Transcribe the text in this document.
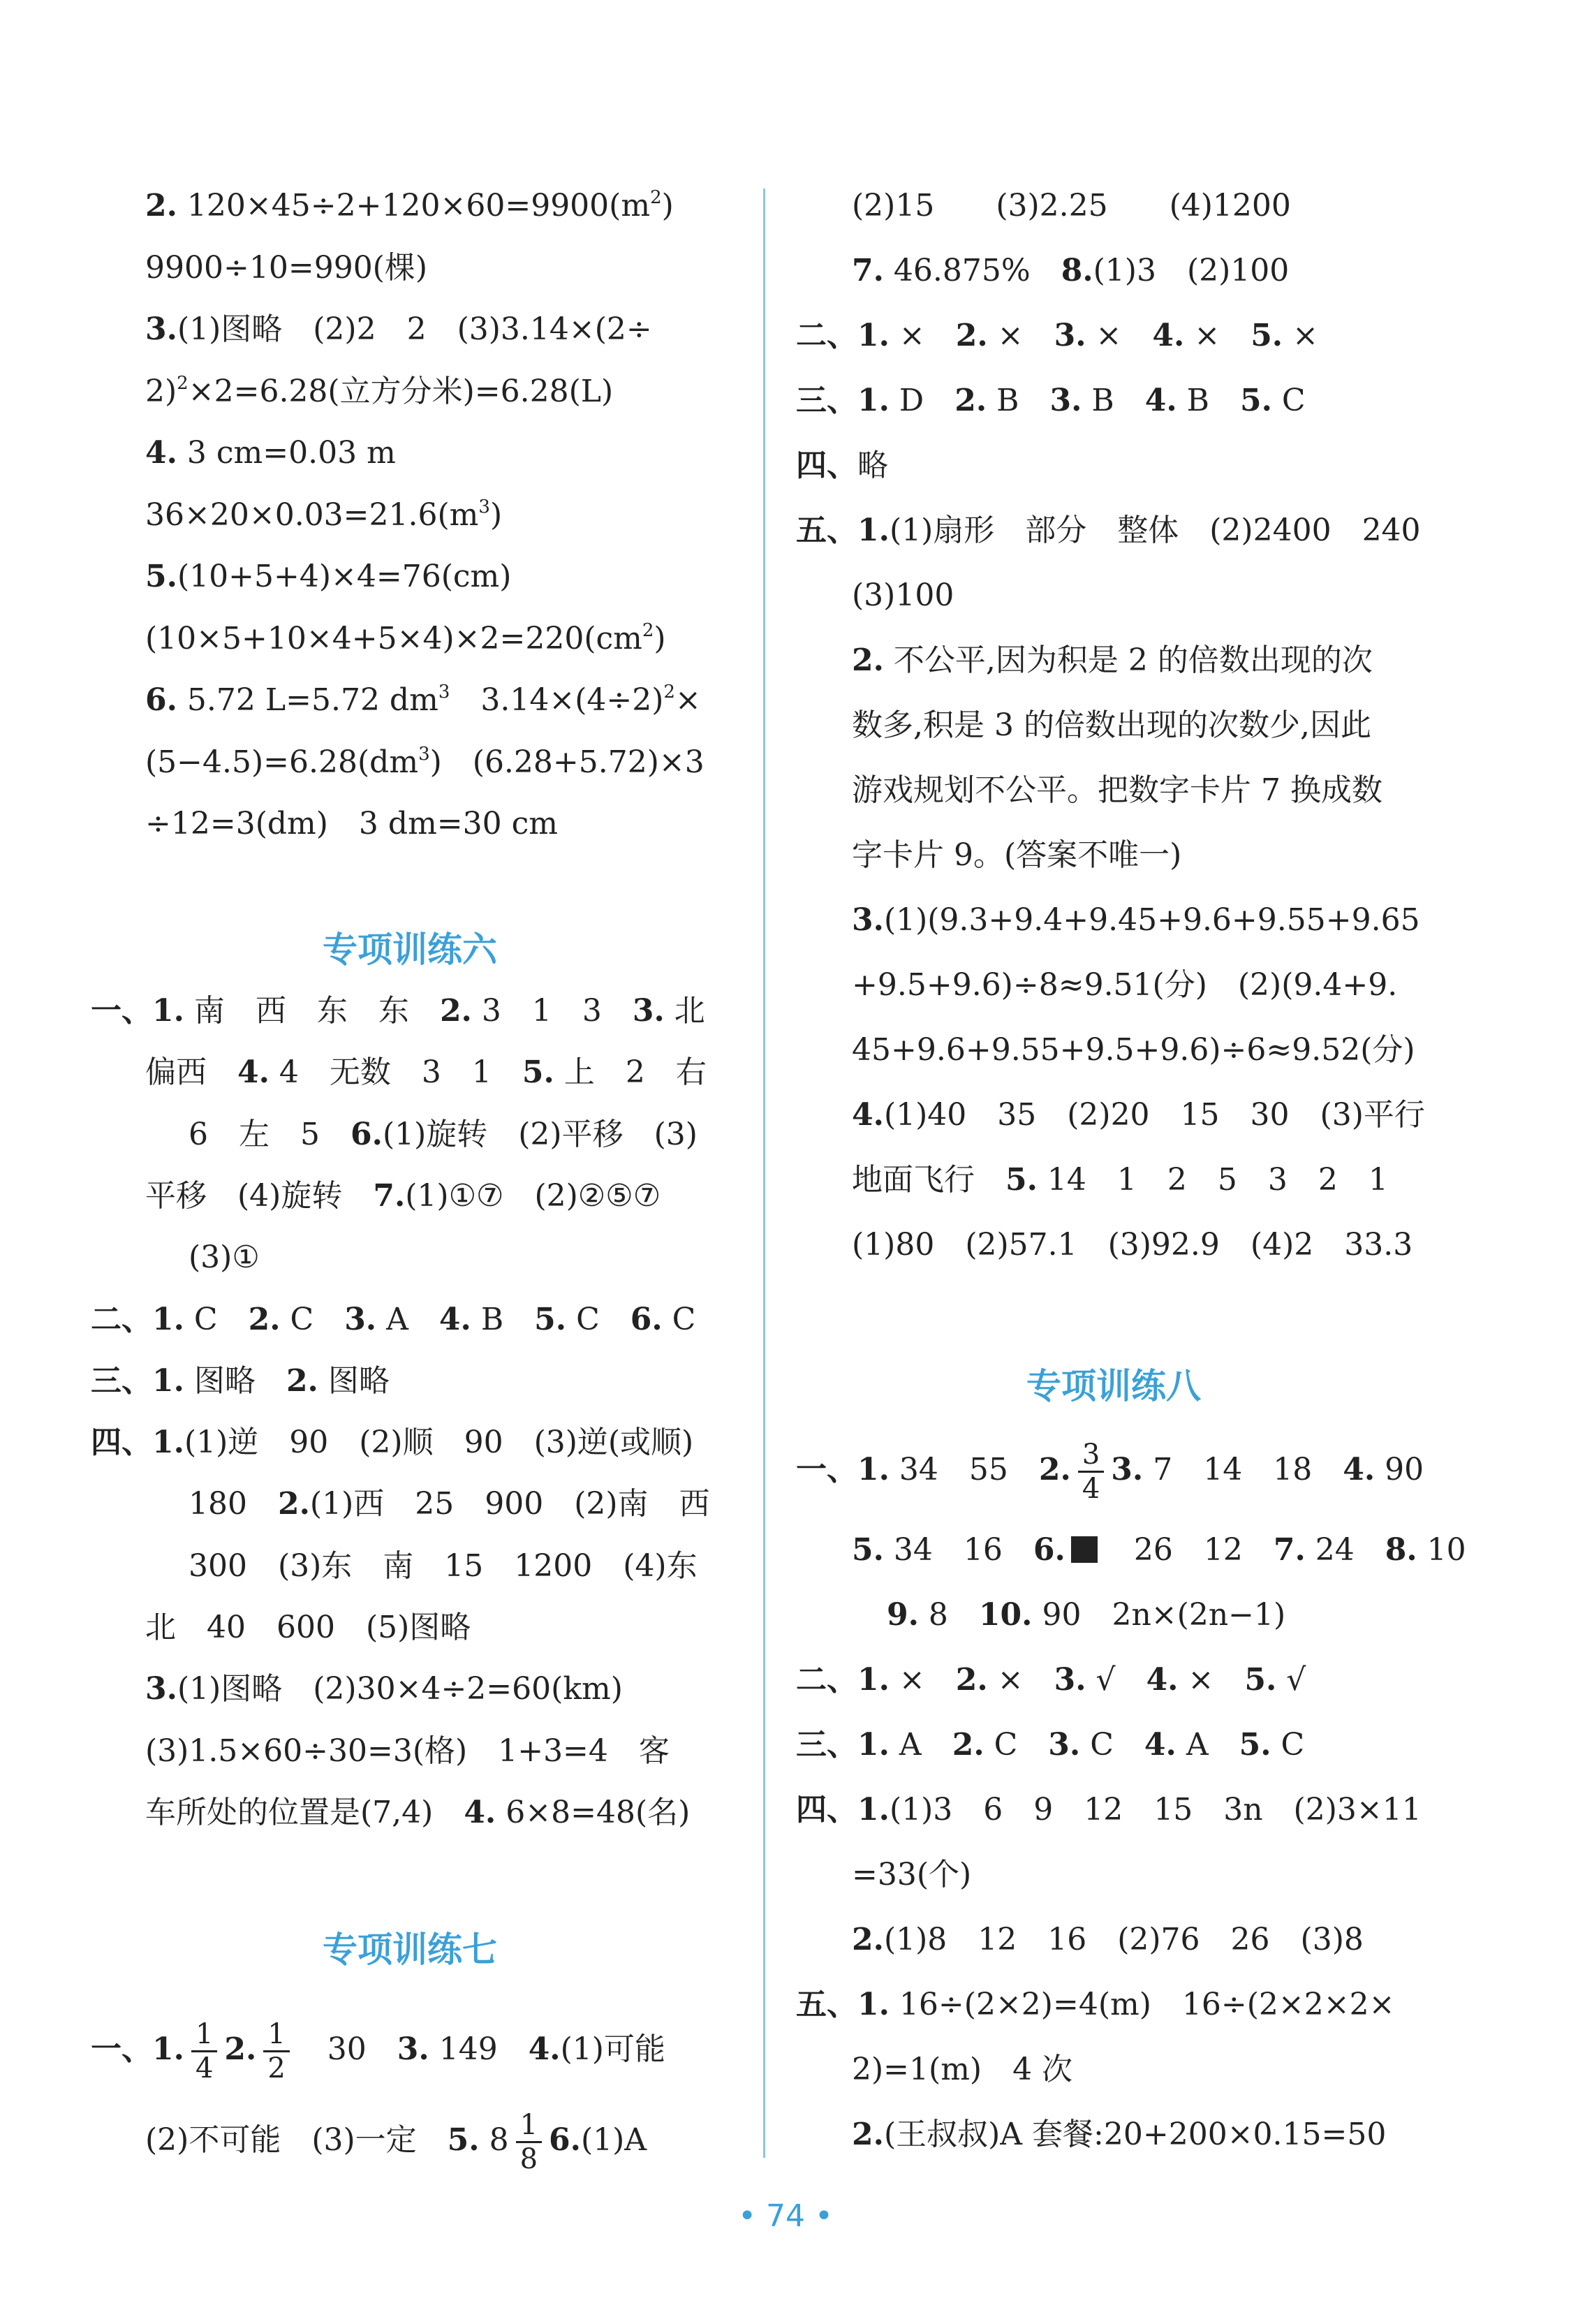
2. $120\times 45\div 2+120\times 60=9900(m^2)$
9900÷10=990(棵)
3.(1)图略　(2)2　2　(3)3.14×(2÷
2)$^2$×2=6.28(立方分米)=6.28(L)
4. 3 cm=0.03 m
$36\times 20\times 0.03=21.6(m^3)$
5.(10+5+4)×4=76(cm)
$(10\times 5+10\times 4+5\times 4)\times 2=220(cm^2)$
6. 5.72 L=5.72 $dm^3$　$3.14\times(4\div 2)^2\times$
$(5-4.5)=6.28(dm^3)$　(6.28+5.72)×3
÷12=3(dm)　3 dm=30 cm
专项训练六
一、1. 南　西　东　东　2. 3　1　3　3. 北
偏西　4. 4　无数　3　1　5. 上　2　右
6　左　5　6.(1)旋转　(2)平移　(3)
平移　(4)旋转　7.(1)①⑦　(2)②⑤⑦
(3)①
二、1. C　2. C　3. A　4. B　5. C　6. C
三、1. 图略　2. 图略
四、1.(1)逆　90　(2)顺　90　(3)逆(或顺)
180　2.(1)西　25　900　(2)南　西
300　(3)东　南　15　1200　(4)东
北　40　600　(5)图略
3.(1)图略　(2)30×4÷2=60(km)
(3)1.5×60÷30=3(格)　1+3=4　客
车所处的位置是(7,4)　4. 6×8=48(名)
专项训练七
一、1. $\frac{1}{4} 2$. $\frac{1}{2}$ 　30　3. 149　4.(1)可能
(2)不可能　(3)一定　5. $8 \frac{1}{8} 6.(1)A$
(2)15　　(3)2.25　　(4)1200
7. 46.875%　8.(1)3　(2)100
二、1. ×　2. ×　3. ×　4. ×　5. ×
三、1. D　2. B　3. B　4. B　5. C
四、略
五、1.(1)扇形　部分　整体　(2)2400　240
(3)100
2. 不公平,因为积是 2 的倍数出现的次
数多,积是 3 的倍数出现的次数少,因此
游戏规划不公平。把数字卡片 7 换成数
字卡片 9。(答案不唯一)
3.(1)(9.3+9.4+9.45+9.6+9.55+9.65
+9.5+9.6)÷8≈9.51(分)　(2)(9.4+9.
45+9.6+9.55+9.5+9.6)÷6≈9.52(分)
4.(1)40　35　(2)20　15　30　(3)平行
地面飞行　5. 14　1　2　5　3　2　1
(1)80　(2)57.1　(3)92.9　(4)2　33.3
专项训练八
一、1. 34　55　2. $\frac{3}{4} 3$. 7　14　18　4. 90
5. 34　16　6.　26　12　7. 24　8. 10
9. 8　10. 90　2n×(2n−1)
二、1. ×　2. ×　3. √　4. ×　5. √
三、1. A　2. C　3. C　4. A　5. C
四、1.(1)3　6　9　12　15　3n　(2)3×11
=33(个)
2.(1)8　12　16　(2)76　26　(3)8
五、1. 16÷(2×2)=4(m)　16÷(2×2×2×
2)=1(m)　4 次
2.(王叔叔)A 套餐:20+200×0.15=50
• 74 •
